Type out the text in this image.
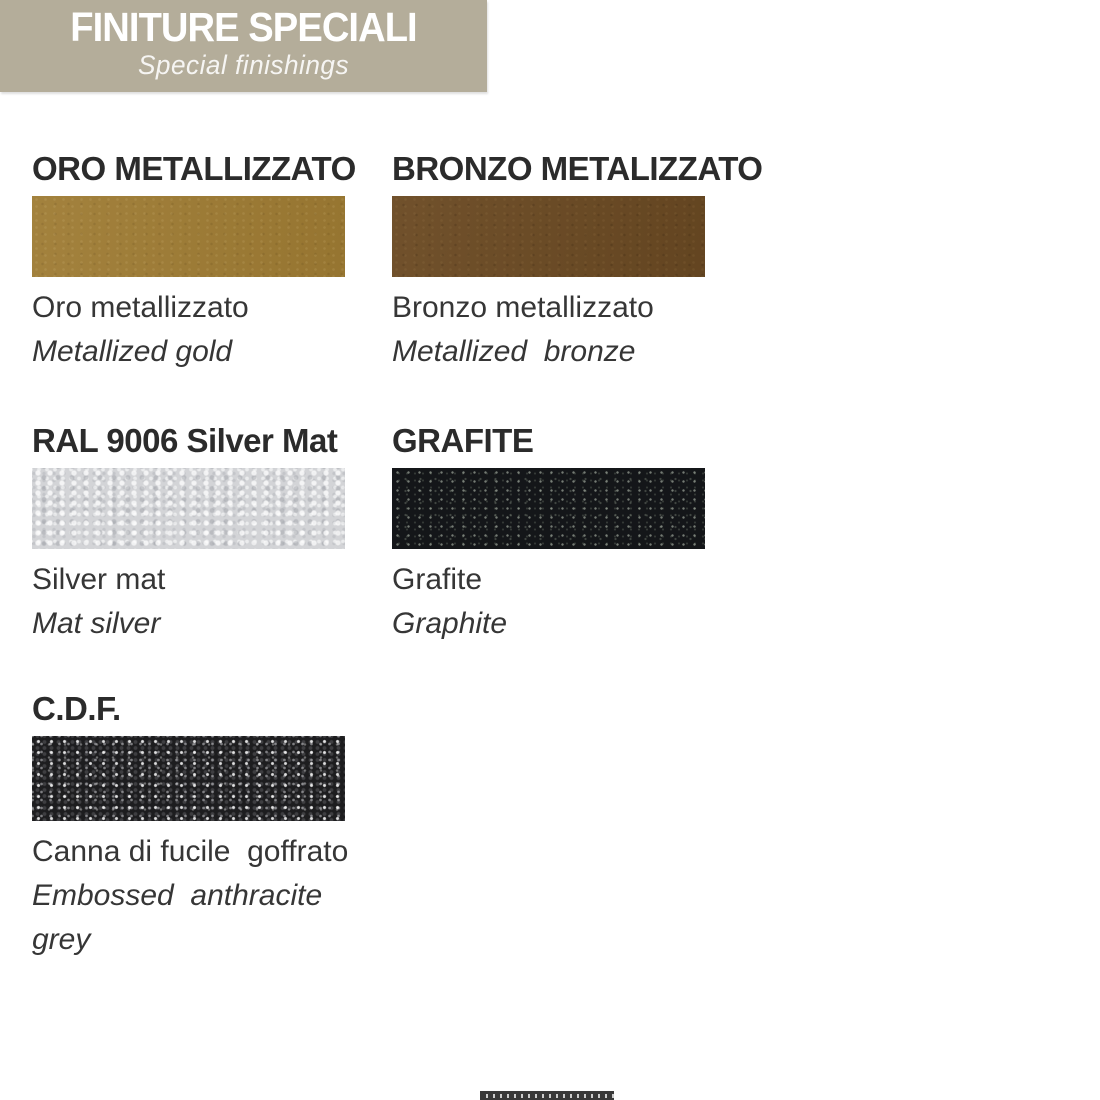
FINITURE SPECIALI
Special finishings
ORO METALLIZZATO
Oro metallizzato
Metallized gold
BRONZO METALIZZATO
Bronzo metallizzato
Metallized  bronze
RAL 9006 Silver Mat
Silver mat
Mat silver
GRAFITE
Grafite
Graphite
C.D.F.
Canna di fucile  goffrato
Embossed  anthracite grey
